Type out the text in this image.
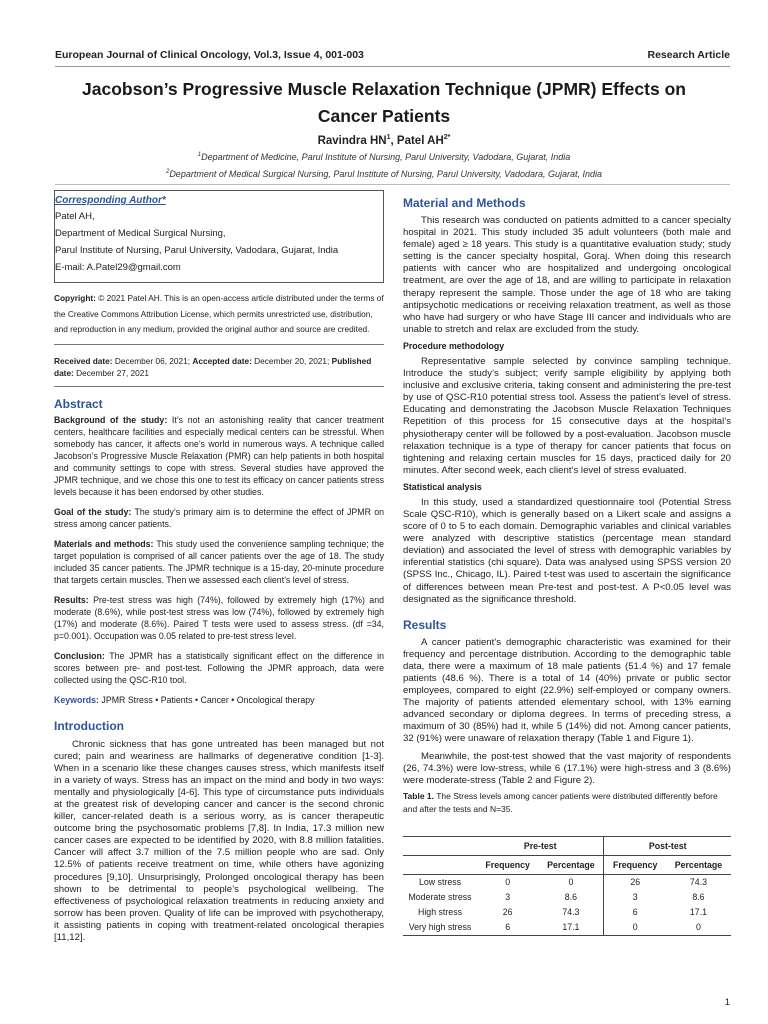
European Journal of Clinical Oncology, Vol.3, Issue 4, 001-003	Research Article
Jacobson’s Progressive Muscle Relaxation Technique (JPMR) Effects on Cancer Patients
Ravindra $HN^1$, Patel $AH^{2*}$
$^1$Department of Medicine, Parul Institute of Nursing, Parul University, Vadodara, Gujarat, India
$^2$Department of Medical Surgical Nursing, Parul Institute of Nursing, Parul University, Vadodara, Gujarat, India
Corresponding Author*
Patel AH,
Department of Medical Surgical Nursing,
Parul Institute of Nursing, Parul University, Vadodara, Gujarat, India
E-mail: A.Patel29@gmail.com
Copyright: © 2021 Patel AH. This is an open-access article distributed under the terms of the Creative Commons Attribution License, which permits unrestricted use, distribution, and reproduction in any medium, provided the original author and source are credited.
Received date: December 06, 2021; Accepted date: December 20, 2021; Published date: December 27, 2021
Abstract

Background of the study: It’s not an astonishing reality that cancer treatment centers, healthcare facilities and especially medical centers can be stressful. When somebody has cancer, it affects one’s world in numerous ways. A technique called Jacobson’s Progressive Muscle Relaxation (PMR) can help patients in both hospital and community settings to cope with stress. Several studies have approved the JPMR technique, and we chose this one to test its efficacy on cancer patients stress levels because it has been endorsed by other studies.

Goal of the study: The study’s primary aim is to determine the effect of JPMR on stress among cancer patients.

Materials and methods: This study used the convenience sampling technique; the target population is comprised of all cancer patients over the age of 18. The study included 35 cancer patients. The JPMR technique is a 15-day, 20-minute procedure that targets certain muscles. Then we assessed each client’s level of stress.

Results: Pre-test stress was high (74%), followed by extremely high (17%) and moderate (8.6%), while post-test stress was low (74%), followed by extremely high (17%) and moderate (8.6%). Paired T tests were used to assess stress. (df =34, p=0.001). Occupation was 0.05 related to pre-test stress level.

Conclusion: The JPMR has a statistically significant effect on the difference in scores between pre- and post-test. Following the JPMR approach, data were collected using the QSC-R10 tool.

Keywords: JPMR Stress • Patients • Cancer • Oncological therapy
Introduction

Chronic sickness that has gone untreated has been managed but not cured; pain and weariness are hallmarks of degenerative condition [1-3]. When in a scenario like these changes causes stress, which manifests itself in a variety of ways. Stress has an impact on the mind and body in two ways: mentally and physiologically [4-6]. This type of circumstance puts individuals at the greatest risk of developing cancer and cancer is the second chronic killer, cancer-related death is a serious worry, as is cancer therapeutic outcome bring the psychosomatic problems [7,8]. In India, 17.3 million new cancer cases are expected to be identified by 2020, with 8.8 million fatalities. Cancer will affect 3.7 million of the 7.5 million people who are sad. Only 12.5% of patients receive treatment on time, while others have agonizing procedures [9,10]. Unsurprisingly, Prolonged oncological therapy has been shown to be detrimental to people’s psychological wellbeing. The effectiveness of psychological relaxation treatments in reducing anxiety and sorrow has been proven. Quality of life can be improved with psychotherapy, it assisting patients in coping with treatment-related oncological therapies [11,12].

Material and Methods

This research was conducted on patients admitted to a cancer specialty hospital in 2021. This study included 35 adult volunteers (both male and female) aged ≥ 18 years. This study is a quantitative evaluation study; study setting is the cancer specialty hospital, Goraj. When doing this research patients with cancer who are hospitalized and undergoing oncological treatment, are over the age of 18, and are willing to participate in relaxation therapy represent the sample. Those under the age of 18 who are taking antipsychotic medications or receiving relaxation treatment, as well as those who have had surgery or who have Stage III cancer and individuals who are unable to stretch and relax are excluded from the study.

Procedure methodology

Representative sample selected by convince sampling technique. Introduce the study’s subject; verify sample eligibility by applying both inclusive and exclusive criteria, taking consent and administering the pre-test by use of QSC-R10 potential stress tool. Assess the patient’s level of stress. Educating and demonstrating the Jacobson Muscle Relaxation Techniques Repetition of this process for 15 consecutive days at the hospital’s physiotherapy center will be followed by a post-evaluation. Jacobson muscle relaxation technique is a type of therapy for cancer patients that focus on tightening and relaxing certain muscles for 15 days, practiced daily for 20 minutes. After second week, each client’s level of stress evaluated.

Statistical analysis

In this study, used a standardized questionnaire tool (Potential Stress Scale QSC-R10), which is generally based on a Likert scale and assigns a score of 0 to 5 to each domain. Demographic variables and clinical variables were analyzed with descriptive statistics (percentage mean standard deviation) and associated the level of stress with demographic variables by inferential statistics (chi square). Data was analysed using SPSS version 20 (SPSS Inc., Chicago, IL). Paired t-test was used to ascertain the significance of differences between mean Pre-test and post-test. A P<0.05 level was designated as the significance threshold.

Results

A cancer patient’s demographic characteristic was examined for their frequency and percentage distribution. According to the demographic table data, there were a maximum of 18 male patients (51.4 %) and 17 female patients (48.6 %). There is a total of 14 (40%) private or public sector employees, compared to eight (22.9%) self-employed or company owners. The majority of patients attended elementary school, with 13% earning advanced secondary or diploma degrees. In terms of preceding stress, a maximum of 30 (85%) had it, while 5 (14%) did not. Among cancer patients, 32 (91%) were unaware of relaxation therapy (Table 1 and Figure 1).

Meanwhile, the post-test showed that the vast majority of respondents (26, 74.3%) were low-stress, while 6 (17.1%) were high-stress and 3 (8.6%) were moderate-stress (Table 2 and Figure 2).

Table 1. The Stress levels among cancer patients were distributed differently before and after the tests and N=35.
	Pre-test		Post-test	
	Frequency	Percentage	Frequency	Percentage
Low stress	0	0	26	74.3
Moderate stress	3	8.6	3	8.6
High stress	26	74.3	6	17.1
Very high stress	6	17.1	0	0
1
